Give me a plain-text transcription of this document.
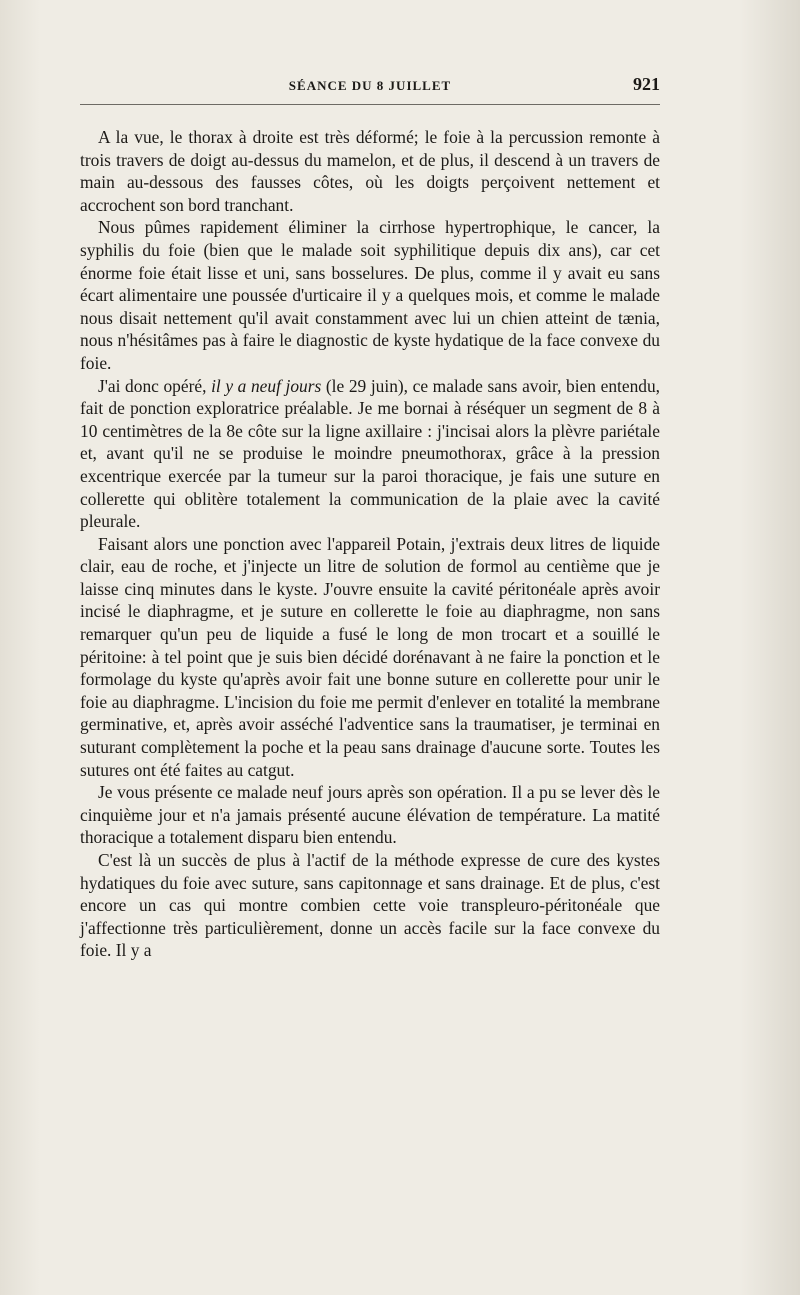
SÉANCE DU 8 JUILLET	921

A la vue, le thorax à droite est très déformé; le foie à la percussion remonte à trois travers de doigt au-dessus du mamelon, et de plus, il descend à un travers de main au-dessous des fausses côtes, où les doigts perçoivent nettement et accrochent son bord tranchant.

Nous pûmes rapidement éliminer la cirrhose hypertrophique, le cancer, la syphilis du foie (bien que le malade soit syphilitique depuis dix ans), car cet énorme foie était lisse et uni, sans bosselures. De plus, comme il y avait eu sans écart alimentaire une poussée d'urticaire il y a quelques mois, et comme le malade nous disait nettement qu'il avait constamment avec lui un chien atteint de tænia, nous n'hésitâmes pas à faire le diagnostic de kyste hydatique de la face convexe du foie.

J'ai donc opéré, il y a neuf jours (le 29 juin), ce malade sans avoir, bien entendu, fait de ponction exploratrice préalable. Je me bornai à réséquer un segment de 8 à 10 centimètres de la 8e côte sur la ligne axillaire : j'incisai alors la plèvre pariétale et, avant qu'il ne se produise le moindre pneumothorax, grâce à la pression excentrique exercée par la tumeur sur la paroi thoracique, je fais une suture en collerette qui oblitère totalement la communication de la plaie avec la cavité pleurale.

Faisant alors une ponction avec l'appareil Potain, j'extrais deux litres de liquide clair, eau de roche, et j'injecte un litre de solution de formol au centième que je laisse cinq minutes dans le kyste. J'ouvre ensuite la cavité péritonéale après avoir incisé le diaphragme, et je suture en collerette le foie au diaphragme, non sans remarquer qu'un peu de liquide a fusé le long de mon trocart et a souillé le péritoine: à tel point que je suis bien décidé dorénavant à ne faire la ponction et le formolage du kyste qu'après avoir fait une bonne suture en collerette pour unir le foie au diaphragme. L'incision du foie me permit d'enlever en totalité la membrane germinative, et, après avoir asséché l'adventice sans la traumatiser, je terminai en suturant complètement la poche et la peau sans drainage d'aucune sorte. Toutes les sutures ont été faites au catgut.

Je vous présente ce malade neuf jours après son opération. Il a pu se lever dès le cinquième jour et n'a jamais présenté aucune élévation de température. La matité thoracique a totalement disparu bien entendu.

C'est là un succès de plus à l'actif de la méthode expresse de cure des kystes hydatiques du foie avec suture, sans capitonnage et sans drainage. Et de plus, c'est encore un cas qui montre combien cette voie transpleuro-péritonéale que j'affectionne très particulièrement, donne un accès facile sur la face convexe du foie. Il y a
